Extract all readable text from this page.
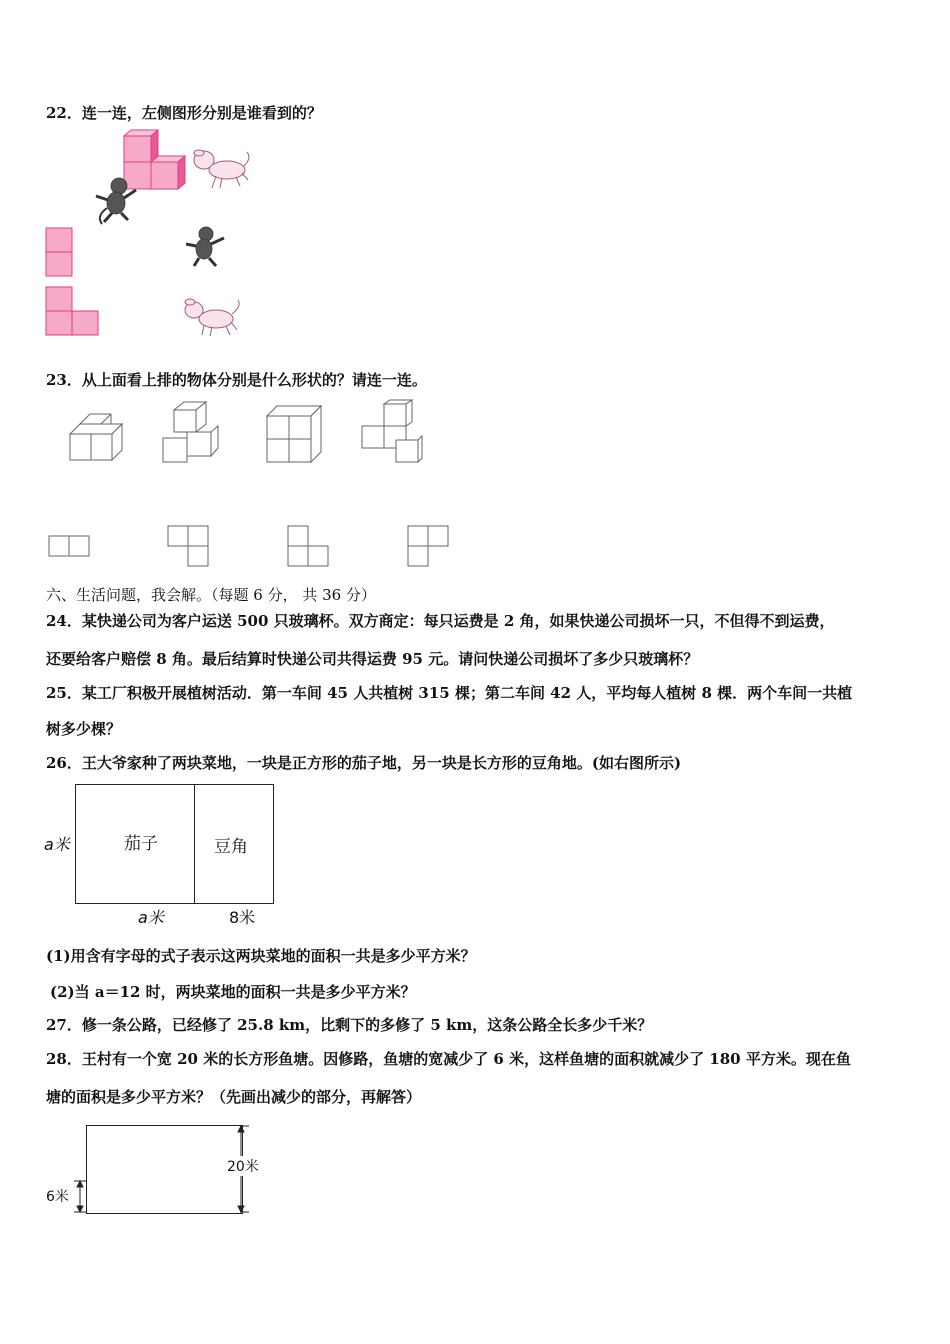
22．连一连，左侧图形分别是谁看到的？
23．从上面看上排的物体分别是什么形状的？请连一连。
六、生活问题，我会解。（每题 6 分， 共 36 分）
24．某快递公司为客户运送 500 只玻璃杯。双方商定：每只运费是 2 角，如果快递公司损坏一只，不但得不到运费，
还要给客户赔偿 8 角。最后结算时快递公司共得运费 95 元。请问快递公司损坏了多少只玻璃杯？
25．某工厂积极开展植树活动．第一车间 45 人共植树 315 棵；第二车间 42 人，平均每人植树 8 棵．两个车间一共植
树多少棵？
26．王大爷家种了两块菜地，一块是正方形的茄子地，另一块是长方形的豆角地。(如右图所示)
茄子	豆角
a米
a米	8米
(1)用含有字母的式子表示这两块菜地的面积一共是多少平方米？
(2)当 a＝12 时，两块菜地的面积一共是多少平方米？
27．修一条公路，已经修了 25.8 km，比剩下的多修了 5 km，这条公路全长多少千米？
28．王村有一个宽 20 米的长方形鱼塘。因修路，鱼塘的宽减少了 6 米，这样鱼塘的面积就减少了 180 平方米。现在鱼
塘的面积是多少平方米？（先画出减少的部分，再解答）
20米
6米
